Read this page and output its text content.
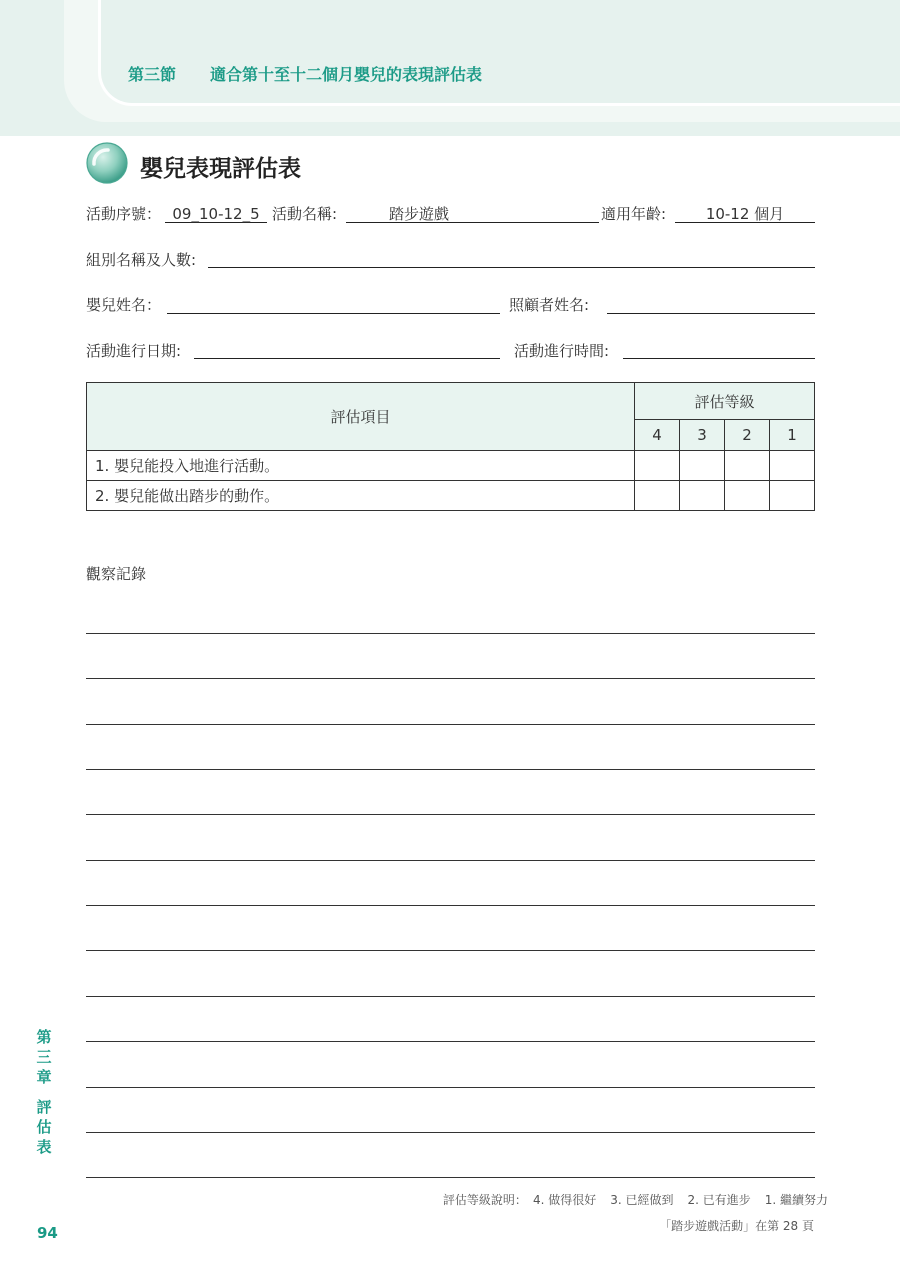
第三節 適合第十至十二個月嬰兒的表現評估表
嬰兒表現評估表
活動序號： 09_10-12_5 活動名稱:	踏步遊戲	適用年齡:	10-12 個月
組別名稱及人數:
嬰兒姓名：	照顧者姓名:
活動進行日期:	活動進行時間:
評估項目	評估等級			
	4	3	2	1
1. 嬰兒能投入地進行活動。				
2. 嬰兒能做出踏步的動作。				
觀察記錄
第
三
章
評
估
表
94
評估等級說明： 4. 做得很好 3. 已經做到 2. 已有進步 1. 繼續努力
「踏步遊戲活動」在第 28 頁
